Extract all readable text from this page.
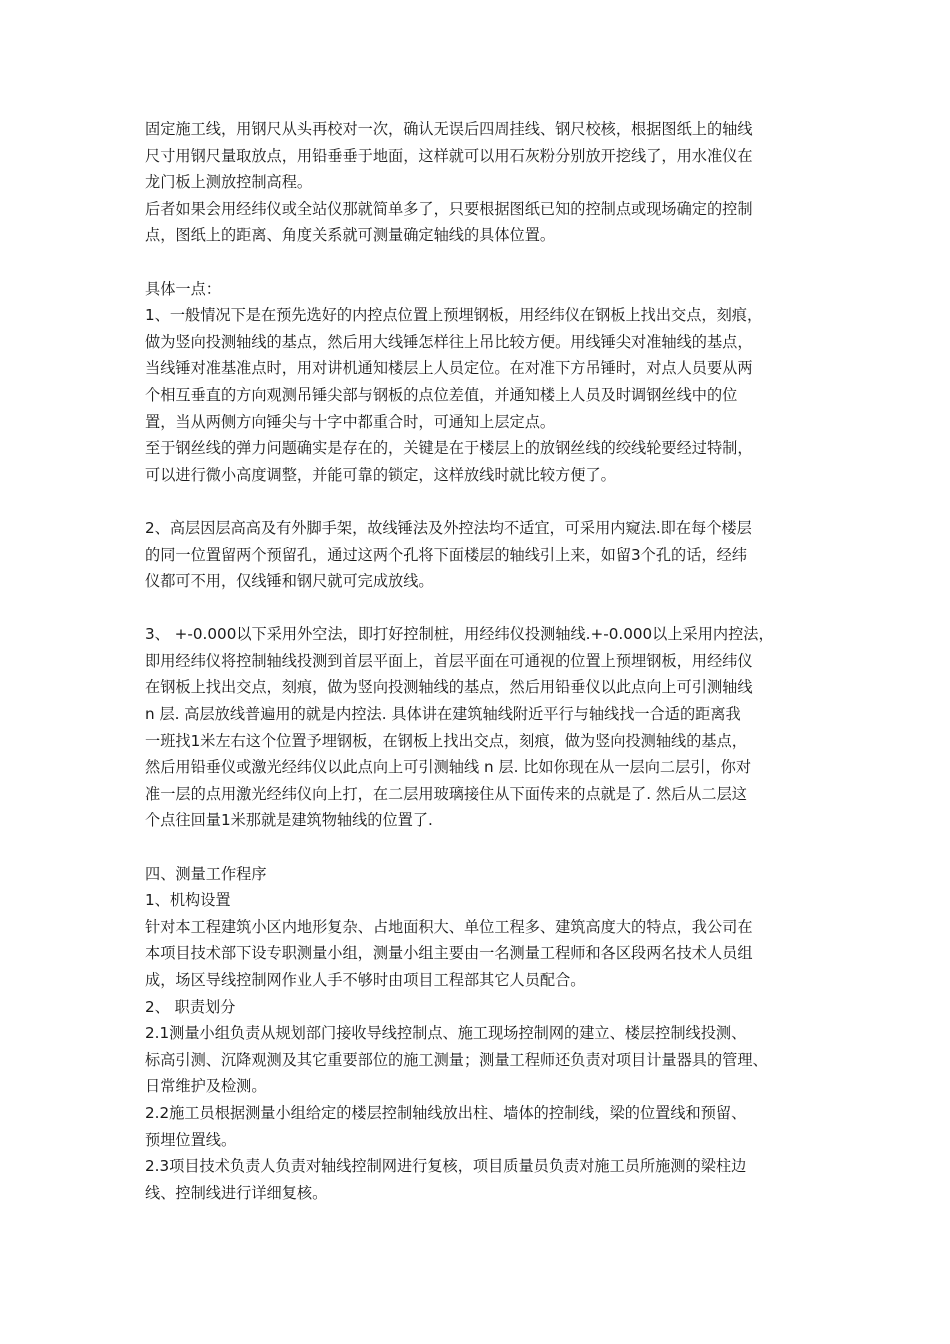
固定施工线，用钢尺从头再校对一次，确认无误后四周挂线、钢尺校核，根据图纸上的轴线
尺寸用钢尺量取放点，用铅垂垂于地面，这样就可以用石灰粉分别放开挖线了，用水准仪在
龙门板上测放控制高程。
后者如果会用经纬仪或全站仪那就简单多了，只要根据图纸已知的控制点或现场确定的控制
点，图纸上的距离、角度关系就可测量确定轴线的具体位置。
具体一点：
1、一般情况下是在预先选好的内控点位置上预埋钢板，用经纬仪在钢板上找出交点，刻痕，
做为竖向投测轴线的基点，然后用大线锤怎样往上吊比较方便。用线锤尖对准轴线的基点，
当线锤对准基准点时，用对讲机通知楼层上人员定位。在对准下方吊锤时，对点人员要从两
个相互垂直的方向观测吊锤尖部与钢板的点位差值，并通知楼上人员及时调钢丝线中的位
置，当从两侧方向锤尖与十字中都重合时，可通知上层定点。
至于钢丝线的弹力问题确实是存在的，关键是在于楼层上的放钢丝线的绞线轮要经过特制，
可以进行微小高度调整，并能可靠的锁定，这样放线时就比较方便了。
2、高层因层高高及有外脚手架，故线锤法及外控法均不适宜，可采用内窥法.即在每个楼层
的同一位置留两个预留孔，通过这两个孔将下面楼层的轴线引上来，如留3个孔的话，经纬
仪都可不用，仅线锤和钢尺就可完成放线。
3、 +-0.000以下采用外空法，即打好控制桩，用经纬仪投测轴线.+-0.000以上采用内控法，
即用经纬仪将控制轴线投测到首层平面上，首层平面在可通视的位置上预埋钢板，用经纬仪
在钢板上找出交点，刻痕，做为竖向投测轴线的基点，然后用铅垂仪以此点向上可引测轴线
n 层. 高层放线普遍用的就是内控法. 具体讲在建筑轴线附近平行与轴线找一合适的距离我
一班找1米左右这个位置予埋钢板，在钢板上找出交点，刻痕，做为竖向投测轴线的基点，
然后用铅垂仪或激光经纬仪以此点向上可引测轴线 n 层. 比如你现在从一层向二层引，你对
准一层的点用激光经纬仪向上打，在二层用玻璃接住从下面传来的点就是了. 然后从二层这
个点往回量1米那就是建筑物轴线的位置了.
四、测量工作程序
1、机构设置
针对本工程建筑小区内地形复杂、占地面积大、单位工程多、建筑高度大的特点，我公司在
本项目技术部下设专职测量小组，测量小组主要由一名测量工程师和各区段两名技术人员组
成，场区导线控制网作业人手不够时由项目工程部其它人员配合。
2、 职责划分
2.1测量小组负责从规划部门接收导线控制点、施工现场控制网的建立、楼层控制线投测、
标高引测、沉降观测及其它重要部位的施工测量；测量工程师还负责对项目计量器具的管理、
日常维护及检测。
2.2施工员根据测量小组给定的楼层控制轴线放出柱、墙体的控制线，梁的位置线和预留、
预埋位置线。
2.3项目技术负责人负责对轴线控制网进行复核，项目质量员负责对施工员所施测的梁柱边
线、控制线进行详细复核。
